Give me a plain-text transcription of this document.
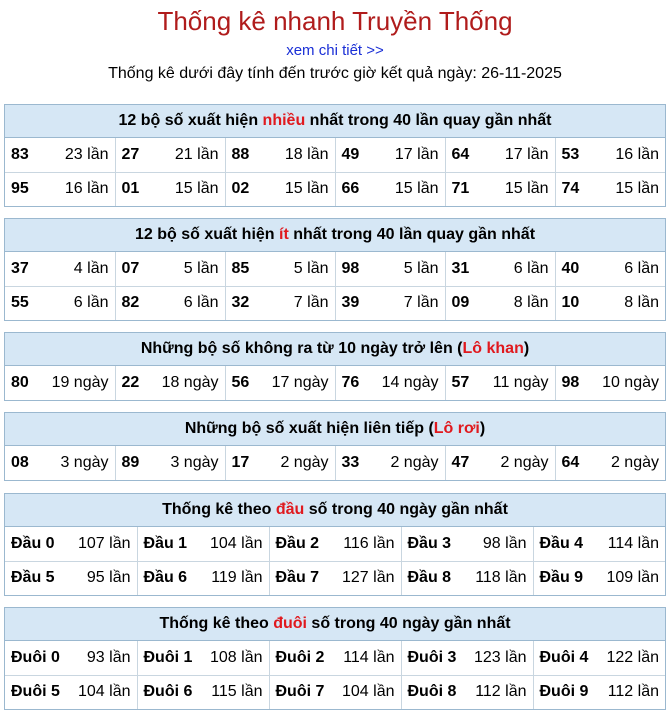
Thống kê nhanh Truyền Thống
xem chi tiết >>
Thống kê dưới đây tính đến trước giờ kết quả ngày: 26-11-2025
12 bộ số xuất hiện nhiều nhất trong 40 lần quay gần nhất
83 23 lần	27 21 lần	88 18 lần	49 17 lần	64 17 lần	53 16 lần

95 16 lần	01 15 lần	02 15 lần	66 15 lần	71 15 lần	74 15 lần
12 bộ số xuất hiện ít nhất trong 40 lần quay gần nhất
37 4 lần	07 5 lần	85 5 lần	98 5 lần	31 6 lần	40 6 lần

55 6 lần	82 6 lần	32 7 lần	39 7 lần	09 8 lần	10 8 lần
Những bộ số không ra từ 10 ngày trở lên ( Lô khan )
80 19 ngày	22 18 ngày	56 17 ngày	76 14 ngày	57 11 ngày	98 10 ngày
Những bộ số xuất hiện liên tiếp ( Lô rơi )
08 3 ngày	89 3 ngày	17 2 ngày	33 2 ngày	47 2 ngày	64 2 ngày
Thống kê theo đầu số trong 40 ngày gần nhất
Đầu 0 107 lần	Đầu 1 104 lần	Đầu 2 116 lần	Đầu 3 98 lần	Đầu 4 114 lần

Đầu 5 95 lần	Đầu 6 119 lần	Đầu 7 127 lần	Đầu 8 118 lần	Đầu 9 109 lần
Thống kê theo đuôi số trong 40 ngày gần nhất
Đuôi 0 93 lần	Đuôi 1 108 lần	Đuôi 2 114 lần	Đuôi 3 123 lần	Đuôi 4 122 lần

Đuôi 5 104 lần	Đuôi 6 115 lần	Đuôi 7 104 lần	Đuôi 8 112 lần	Đuôi 9 112 lần
